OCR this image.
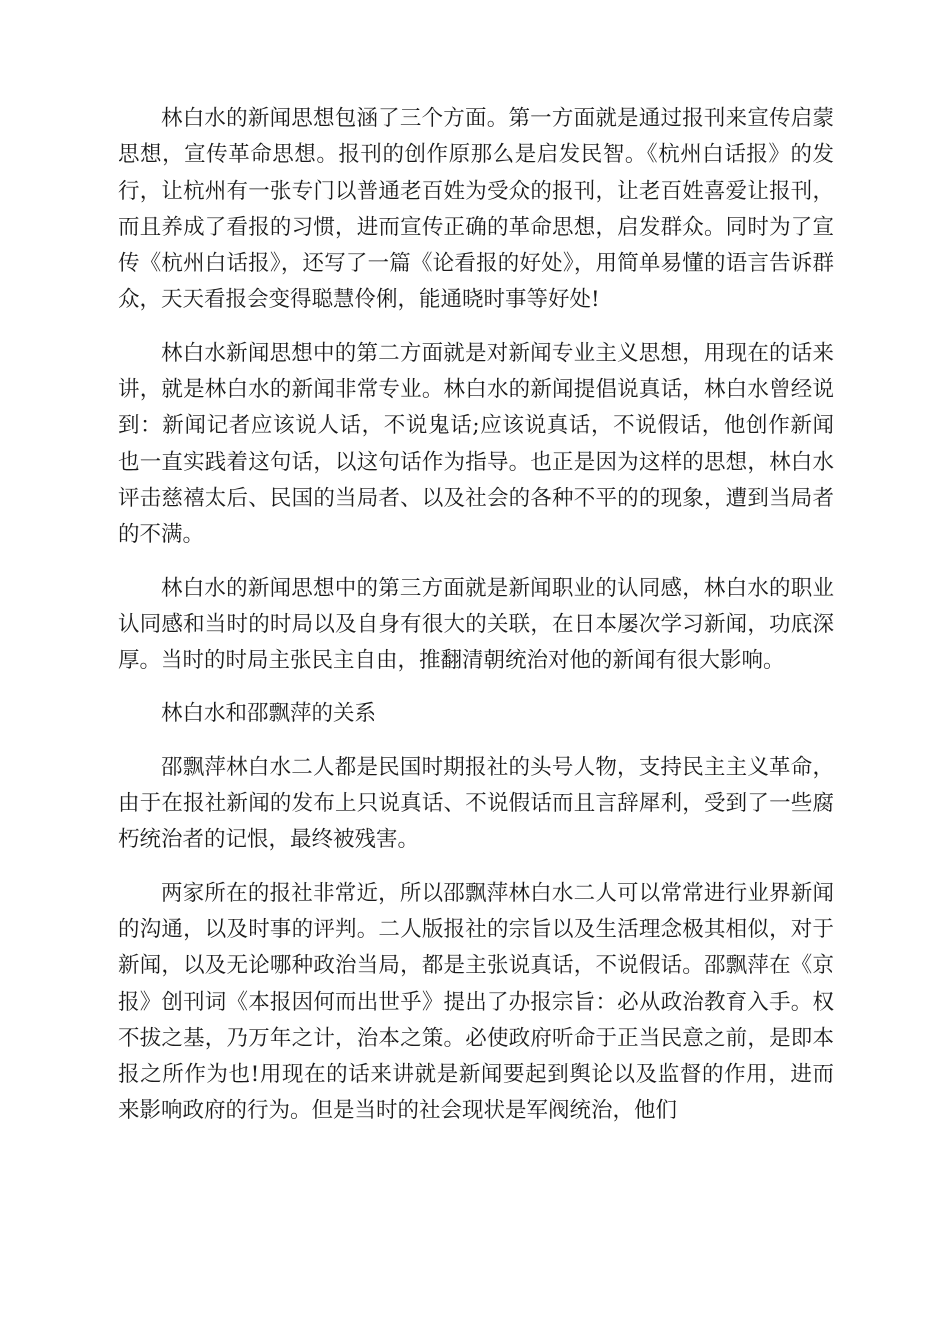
林白水的新闻思想包涵了三个方面。第一方面就是通过报刊来宣传启蒙思想，宣传革命思想。报刊的创作原那么是启发民智。《杭州白话报》的发行，让杭州有一张专门以普通老百姓为受众的报刊，让老百姓喜爱让报刊，而且养成了看报的习惯，进而宣传正确的革命思想，启发群众。同时为了宣传《杭州白话报》，还写了一篇《论看报的好处》，用简单易懂的语言告诉群众，天天看报会变得聪慧伶俐，能通晓时事等好处!

林白水新闻思想中的第二方面就是对新闻专业主义思想，用现在的话来讲，就是林白水的新闻非常专业。林白水的新闻提倡说真话，林白水曾经说到：新闻记者应该说人话，不说鬼话;应该说真话，不说假话，他创作新闻也一直实践着这句话，以这句话作为指导。也正是因为这样的思想，林白水评击慈禧太后、民国的当局者、以及社会的各种不平的的现象，遭到当局者的不满。

林白水的新闻思想中的第三方面就是新闻职业的认同感，林白水的职业认同感和当时的时局以及自身有很大的关联，在日本屡次学习新闻，功底深厚。当时的时局主张民主自由，推翻清朝统治对他的新闻有很大影响。

林白水和邵飘萍的关系

邵飘萍林白水二人都是民国时期报社的头号人物，支持民主主义革命，由于在报社新闻的发布上只说真话、不说假话而且言辞犀利，受到了一些腐朽统治者的记恨，最终被残害。

两家所在的报社非常近，所以邵飘萍林白水二人可以常常进行业界新闻的沟通，以及时事的评判。二人版报社的宗旨以及生活理念极其相似，对于新闻，以及无论哪种政治当局，都是主张说真话，不说假话。邵飘萍在《京报》创刊词《本报因何而出世乎》提出了办报宗旨：必从政治教育入手。权不拔之基，乃万年之计，治本之策。必使政府听命于正当民意之前，是即本报之所作为也!用现在的话来讲就是新闻要起到舆论以及监督的作用，进而来影响政府的行为。但是当时的社会现状是军阀统治，他们
